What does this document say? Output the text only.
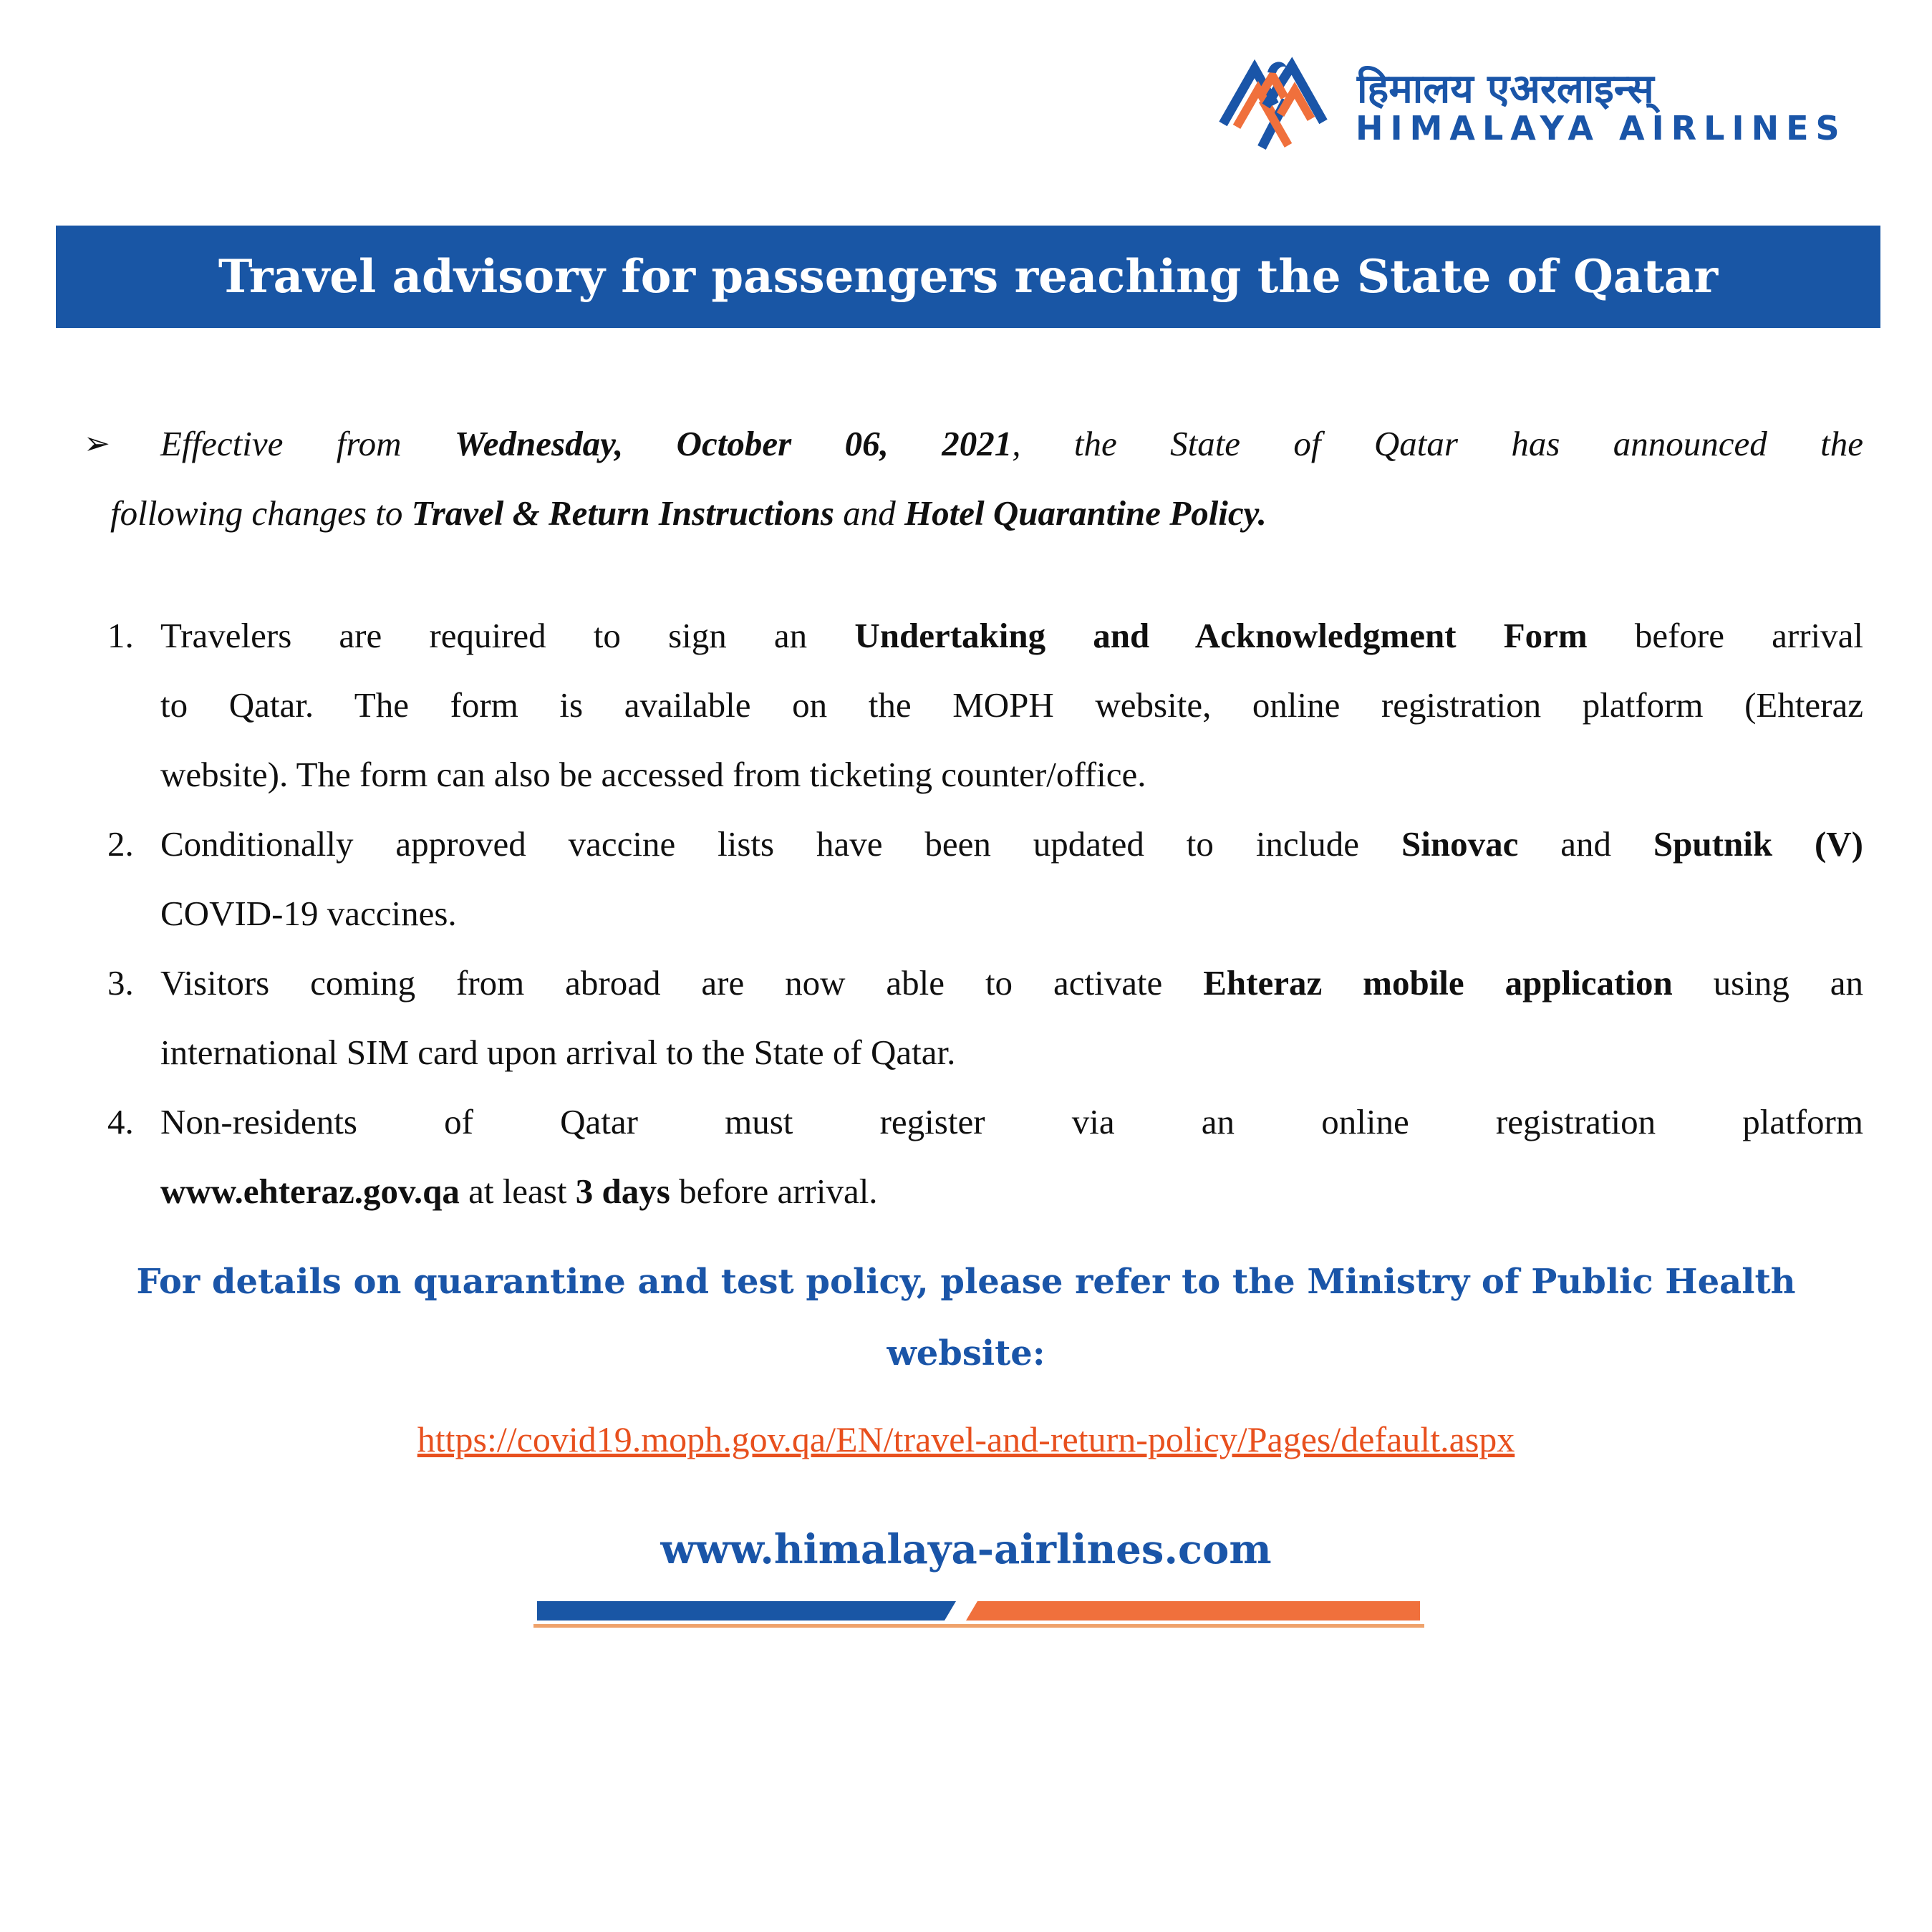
हिमालय एअरलाइन्स्
HIMALAYA AIRLINES
Travel advisory for passengers reaching the State of Qatar
➢ Effective from Wednesday, October 06, 2021, the State of Qatar has announced the
following changes to Travel & Return Instructions and Hotel Quarantine Policy.
1. Travelers are required to sign an Undertaking and Acknowledgment Form before arrival
to Qatar. The form is available on the MOPH website, online registration platform (Ehteraz
website). The form can also be accessed from ticketing counter/office.
2. Conditionally approved vaccine lists have been updated to include Sinovac and Sputnik (V)
COVID-19 vaccines.
3. Visitors coming from abroad are now able to activate Ehteraz mobile application using an
international SIM card upon arrival to the State of Qatar.
4. Non-residents of Qatar must register via an online registration platform
www.ehteraz.gov.qa at least 3 days before arrival.
For details on quarantine and test policy, please refer to the Ministry of Public Health
website:
https://covid19.moph.gov.qa/EN/travel-and-return-policy/Pages/default.aspx
www.himalaya-airlines.com
